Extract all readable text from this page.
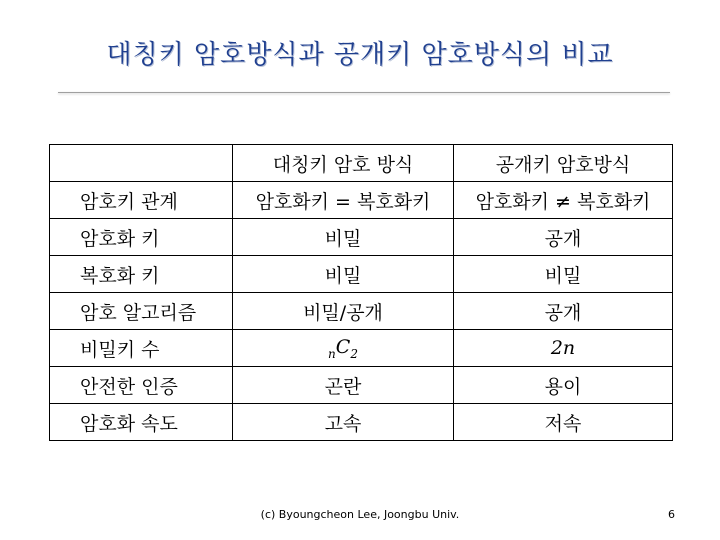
대칭키 암호방식과 공개키 암호방식의 비교
	대칭키 암호 방식	공개키 암호방식
암호키 관계	암호화키 = 복호화키	암호화키 ≠ 복호화키
암호화 키	비밀	공개
복호화 키	비밀	비밀
암호 알고리즘	비밀/공개	공개
비밀키 수	$_nC_2$	2n
안전한 인증	곤란	용이
암호화 속도	고속	저속
(c) Byoungcheon Lee, Joongbu Univ.	6
